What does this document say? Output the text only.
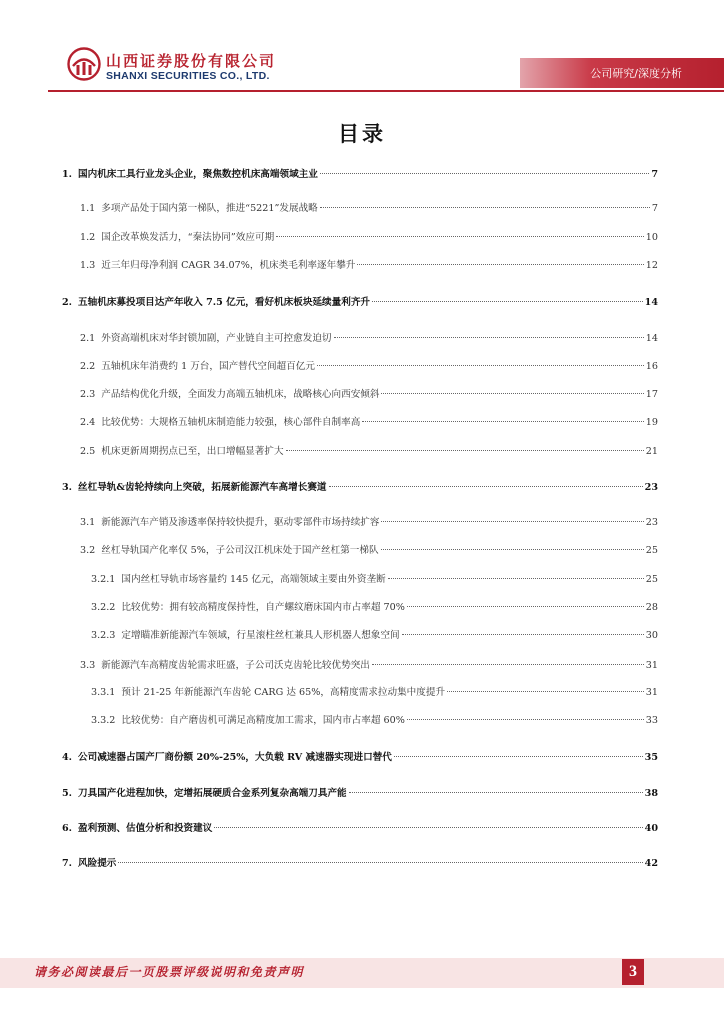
山西证券股份有限公司
SHANXI SECURITIES CO., LTD.	公司研究/深度分析
目录
1. 国内机床工具行业龙头企业，聚焦数控机床高端领域主业	7
1.1 多项产品处于国内第一梯队，推进“5221”发展战略	7
1.2 国企改革焕发活力，“秦法协同”效应可期	10
1.3 近三年归母净利润 CAGR 34.07%，机床类毛利率逐年攀升	12
2. 五轴机床募投项目达产年收入 7.5 亿元，看好机床板块延续量利齐升	14
2.1 外资高端机床对华封锁加剧，产业链自主可控愈发迫切	14
2.2 五轴机床年消费约 1 万台，国产替代空间超百亿元	16
2.3 产品结构优化升级，全面发力高端五轴机床，战略核心向西安倾斜	17
2.4 比较优势：大规格五轴机床制造能力较强，核心部件自制率高	19
2.5 机床更新周期拐点已至，出口增幅显著扩大	21
3. 丝杠导轨&齿轮持续向上突破，拓展新能源汽车高增长赛道	23
3.1 新能源汽车产销及渗透率保持较快提升，驱动零部件市场持续扩容	23
3.2 丝杠导轨国产化率仅 5%，子公司汉江机床处于国产丝杠第一梯队	25
3.2.1 国内丝杠导轨市场容量约 145 亿元，高端领域主要由外资垄断	25
3.2.2 比较优势：拥有较高精度保持性，自产螺纹磨床国内市占率超 70%	28
3.2.3 定增瞄准新能源汽车领域，行星滚柱丝杠兼具人形机器人想象空间	30
3.3 新能源汽车高精度齿轮需求旺盛，子公司沃克齿轮比较优势突出	31
3.3.1 预计 21-25 年新能源汽车齿轮 CARG 达 65%，高精度需求拉动集中度提升	31
3.3.2 比较优势：自产磨齿机可满足高精度加工需求，国内市占率超 60%	33
4. 公司减速器占国产厂商份额 20%-25%，大负载 RV 减速器实现进口替代	35
5. 刀具国产化进程加快，定增拓展硬质合金系列复杂高端刀具产能	38
6. 盈利预测、估值分析和投资建议	40
7. 风险提示	42
请务必阅读最后一页股票评级说明和免责声明	3
